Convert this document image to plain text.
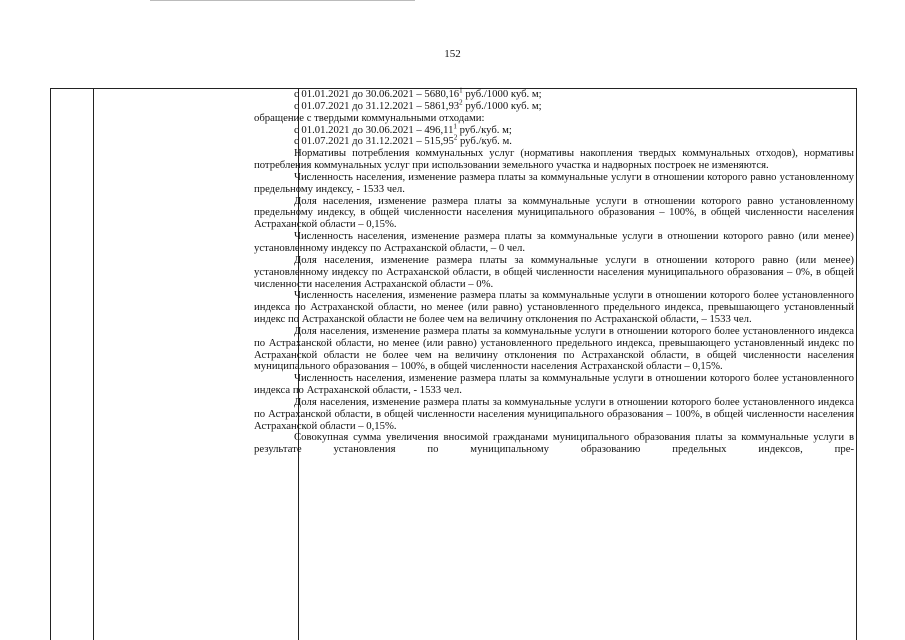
152

с 01.01.2021 до 30.06.2021 – 5680,16$^1$ руб./1000 куб. м;

с 01.07.2021 до 31.12.2021 – 5861,93$^2$ руб./1000 куб. м;

обращение с твердыми коммунальными отходами:

с 01.01.2021 до 30.06.2021 – 496,11$^1$ руб./куб. м;

с 01.07.2021 до 31.12.2021 – 515,95$^2$ руб./куб. м.

Нормативы потребления коммунальных услуг (нормативы накопления твердых коммунальных отходов), нормативы потребления коммунальных услуг при использовании земельного участка и надворных построек не изменяются.

Численность населения, изменение размера платы за коммунальные услуги в отношении которого равно установленному предельному индексу, - 1533 чел.

Доля населения, изменение размера платы за коммунальные услуги в отношении которого равно установленному предельному индексу, в общей численности населения муниципального образования – 100%, в общей численности населения Астраханской области – 0,15%.

Численность населения, изменение размера платы за коммунальные услуги в отношении которого равно (или менее) установленному индексу по Астраханской области, – 0 чел.

Доля населения, изменение размера платы за коммунальные услуги в отношении которого равно (или менее) установленному индексу по Астраханской области, в общей численности населения муниципального образования – 0%, в общей численности населения Астраханской области – 0%.

Численность населения, изменение размера платы за коммунальные услуги в отношении которого более установленного индекса по Астраханской области, но менее (или равно) установленного предельного индекса, превышающего установленный индекс по Астраханской области не более чем на величину отклонения по Астраханской области, – 1533 чел.

Доля населения, изменение размера платы за коммунальные услуги в отношении которого более установленного индекса по Астраханской области, но менее (или равно) установленного предельного индекса, превышающего установленный индекс по Астраханской области не более чем на величину отклонения по Астраханской области, в общей численности населения муниципального образования – 100%, в общей численности населения Астраханской области – 0,15%.

Численность населения, изменение размера платы за коммунальные услуги в отношении которого более установленного индекса по Астраханской области, - 1533 чел.

Доля населения, изменение размера платы за коммунальные услуги в отношении которого более установленного индекса по Астраханской области, в общей численности населения муниципального образования – 100%, в общей численности населения Астраханской области – 0,15%.

Совокупная сумма увеличения вносимой гражданами муниципального образования платы за коммунальные услуги в результате установления по муниципальному образованию предельных индексов, пре-
